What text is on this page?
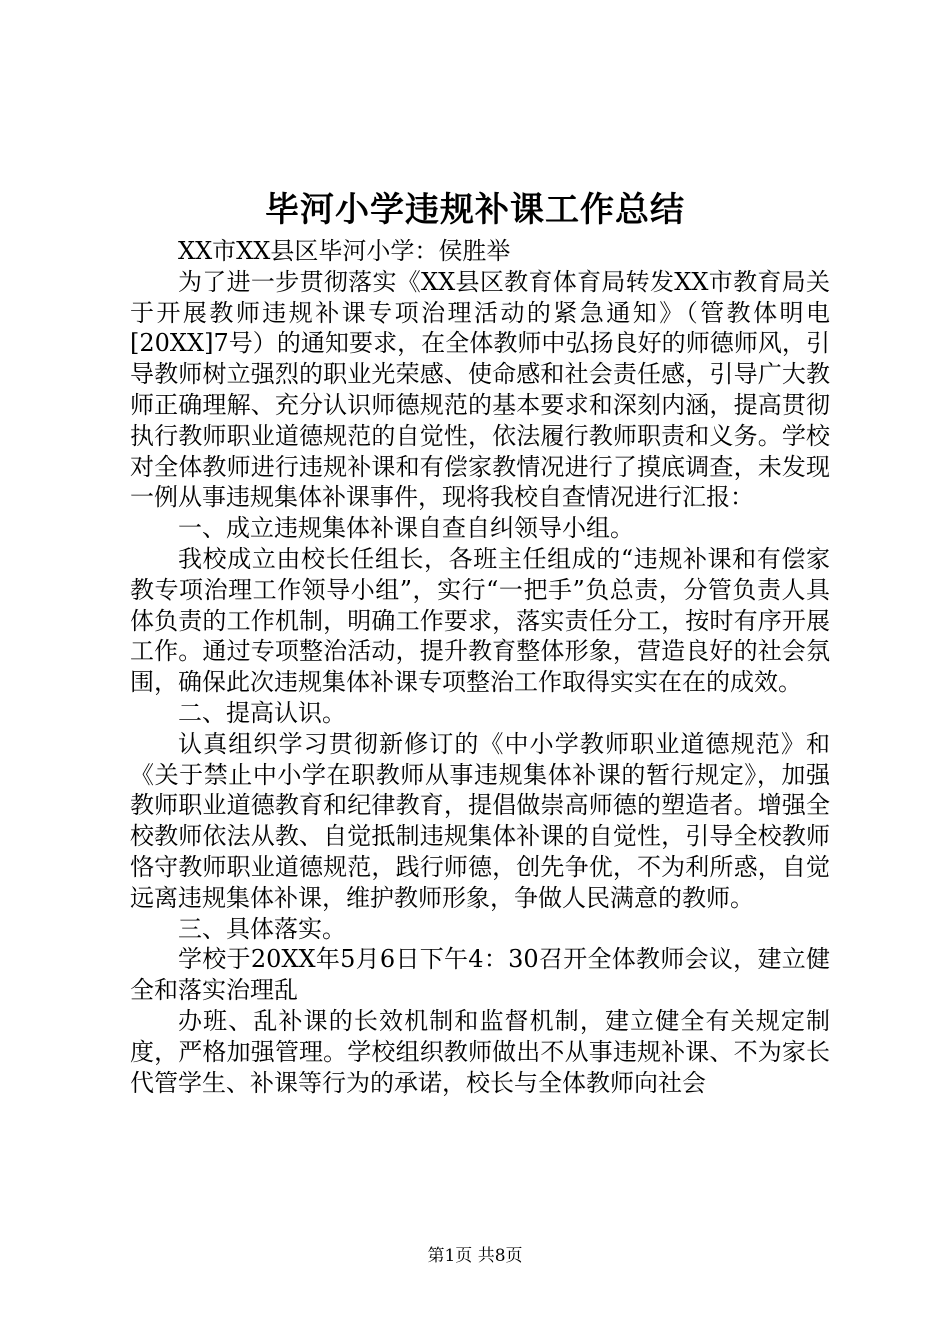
毕河小学违规补课工作总结

XX市XX县区毕河小学：侯胜举

为了进一步贯彻落实《XX县区教育体育局转发XX市教育局关于开展教师违规补课专项治理活动的紧急通知》（管教体明电[20XX]7号）的通知要求，在全体教师中弘扬良好的师德师风，引导教师树立强烈的职业光荣感、使命感和社会责任感，引导广大教师正确理解、充分认识师德规范的基本要求和深刻内涵，提高贯彻执行教师职业道德规范的自觉性，依法履行教师职责和义务。学校对全体教师进行违规补课和有偿家教情况进行了摸底调查，未发现一例从事违规集体补课事件，现将我校自查情况进行汇报：

一、成立违规集体补课自查自纠领导小组。

我校成立由校长任组长，各班主任组成的“违规补课和有偿家教专项治理工作领导小组”，实行“一把手”负总责，分管负责人具体负责的工作机制，明确工作要求，落实责任分工，按时有序开展工作。通过专项整治活动，提升教育整体形象，营造良好的社会氛围，确保此次违规集体补课专项整治工作取得实实在在的成效。

二、提高认识。

认真组织学习贯彻新修订的《中小学教师职业道德规范》和《关于禁止中小学在职教师从事违规集体补课的暂行规定》，加强教师职业道德教育和纪律教育，提倡做崇高师德的塑造者。增强全校教师依法从教、自觉抵制违规集体补课的自觉性，引导全校教师恪守教师职业道德规范，践行师德，创先争优，不为利所惑，自觉远离违规集体补课，维护教师形象，争做人民满意的教师。

三、具体落实。

学校于20XX年5月6日下午4：30召开全体教师会议，建立健全和落实治理乱

办班、乱补课的长效机制和监督机制，建立健全有关规定制度，严格加强管理。学校组织教师做出不从事违规补课、不为家长代管学生、补课等行为的承诺，校长与全体教师向社会

第1页 共8页
